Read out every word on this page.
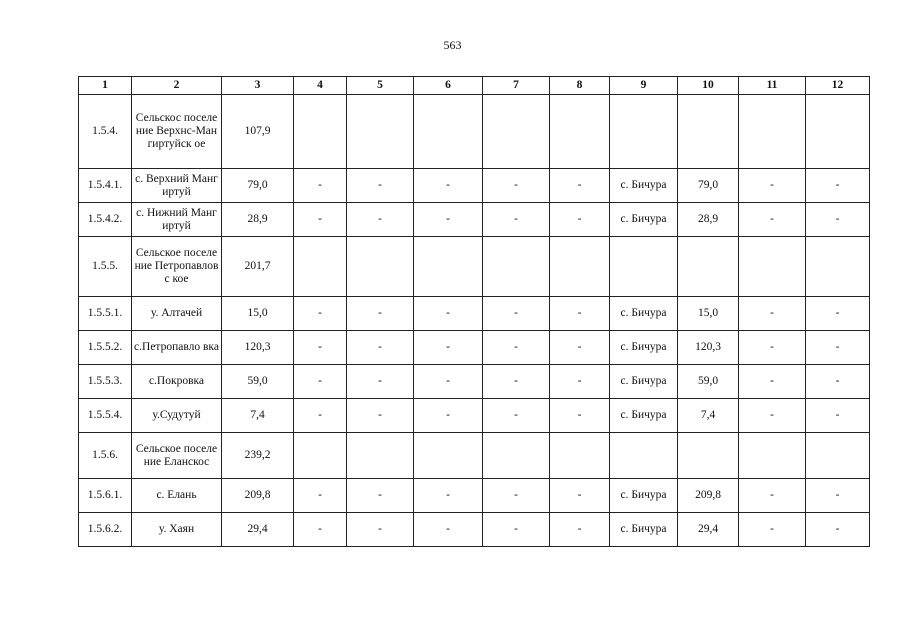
563
1	2	3	4	5	6	7	8	9	10	11	12
1.5.4.	Сельскос поселение Верхнс-Мангиртуйск ое	107,9									
1.5.4.1.	с. Верхний Мангиртуй	79,0	-	-	-	-	-	с. Бичура	79,0	-	-
1.5.4.2.	с. Нижний Мангиртуй	28,9	-	-	-	-	-	с. Бичура	28,9	-	-
1.5.5.	Сельское поселение Петропавловс кое	201,7									
1.5.5.1.	у. Алтачей	15,0	-	-	-	-	-	с. Бичура	15,0	-	-
1.5.5.2.	с.Петропавло вка	120,3	-	-	-	-	-	с. Бичура	120,3	-	-
1.5.5.3.	с.Покровка	59,0	-	-	-	-	-	с. Бичура	59,0	-	-
1.5.5.4.	у.Судутуй	7,4	-	-	-	-	-	с. Бичура	7,4	-	-
1.5.6.	Сельское поселение Еланскос	239,2									
1.5.6.1.	с. Елань	209,8	-	-	-	-	-	с. Бичура	209,8	-	-
1.5.6.2.	у. Хаян	29,4	-	-	-	-	-	с. Бичура	29,4	-	-
